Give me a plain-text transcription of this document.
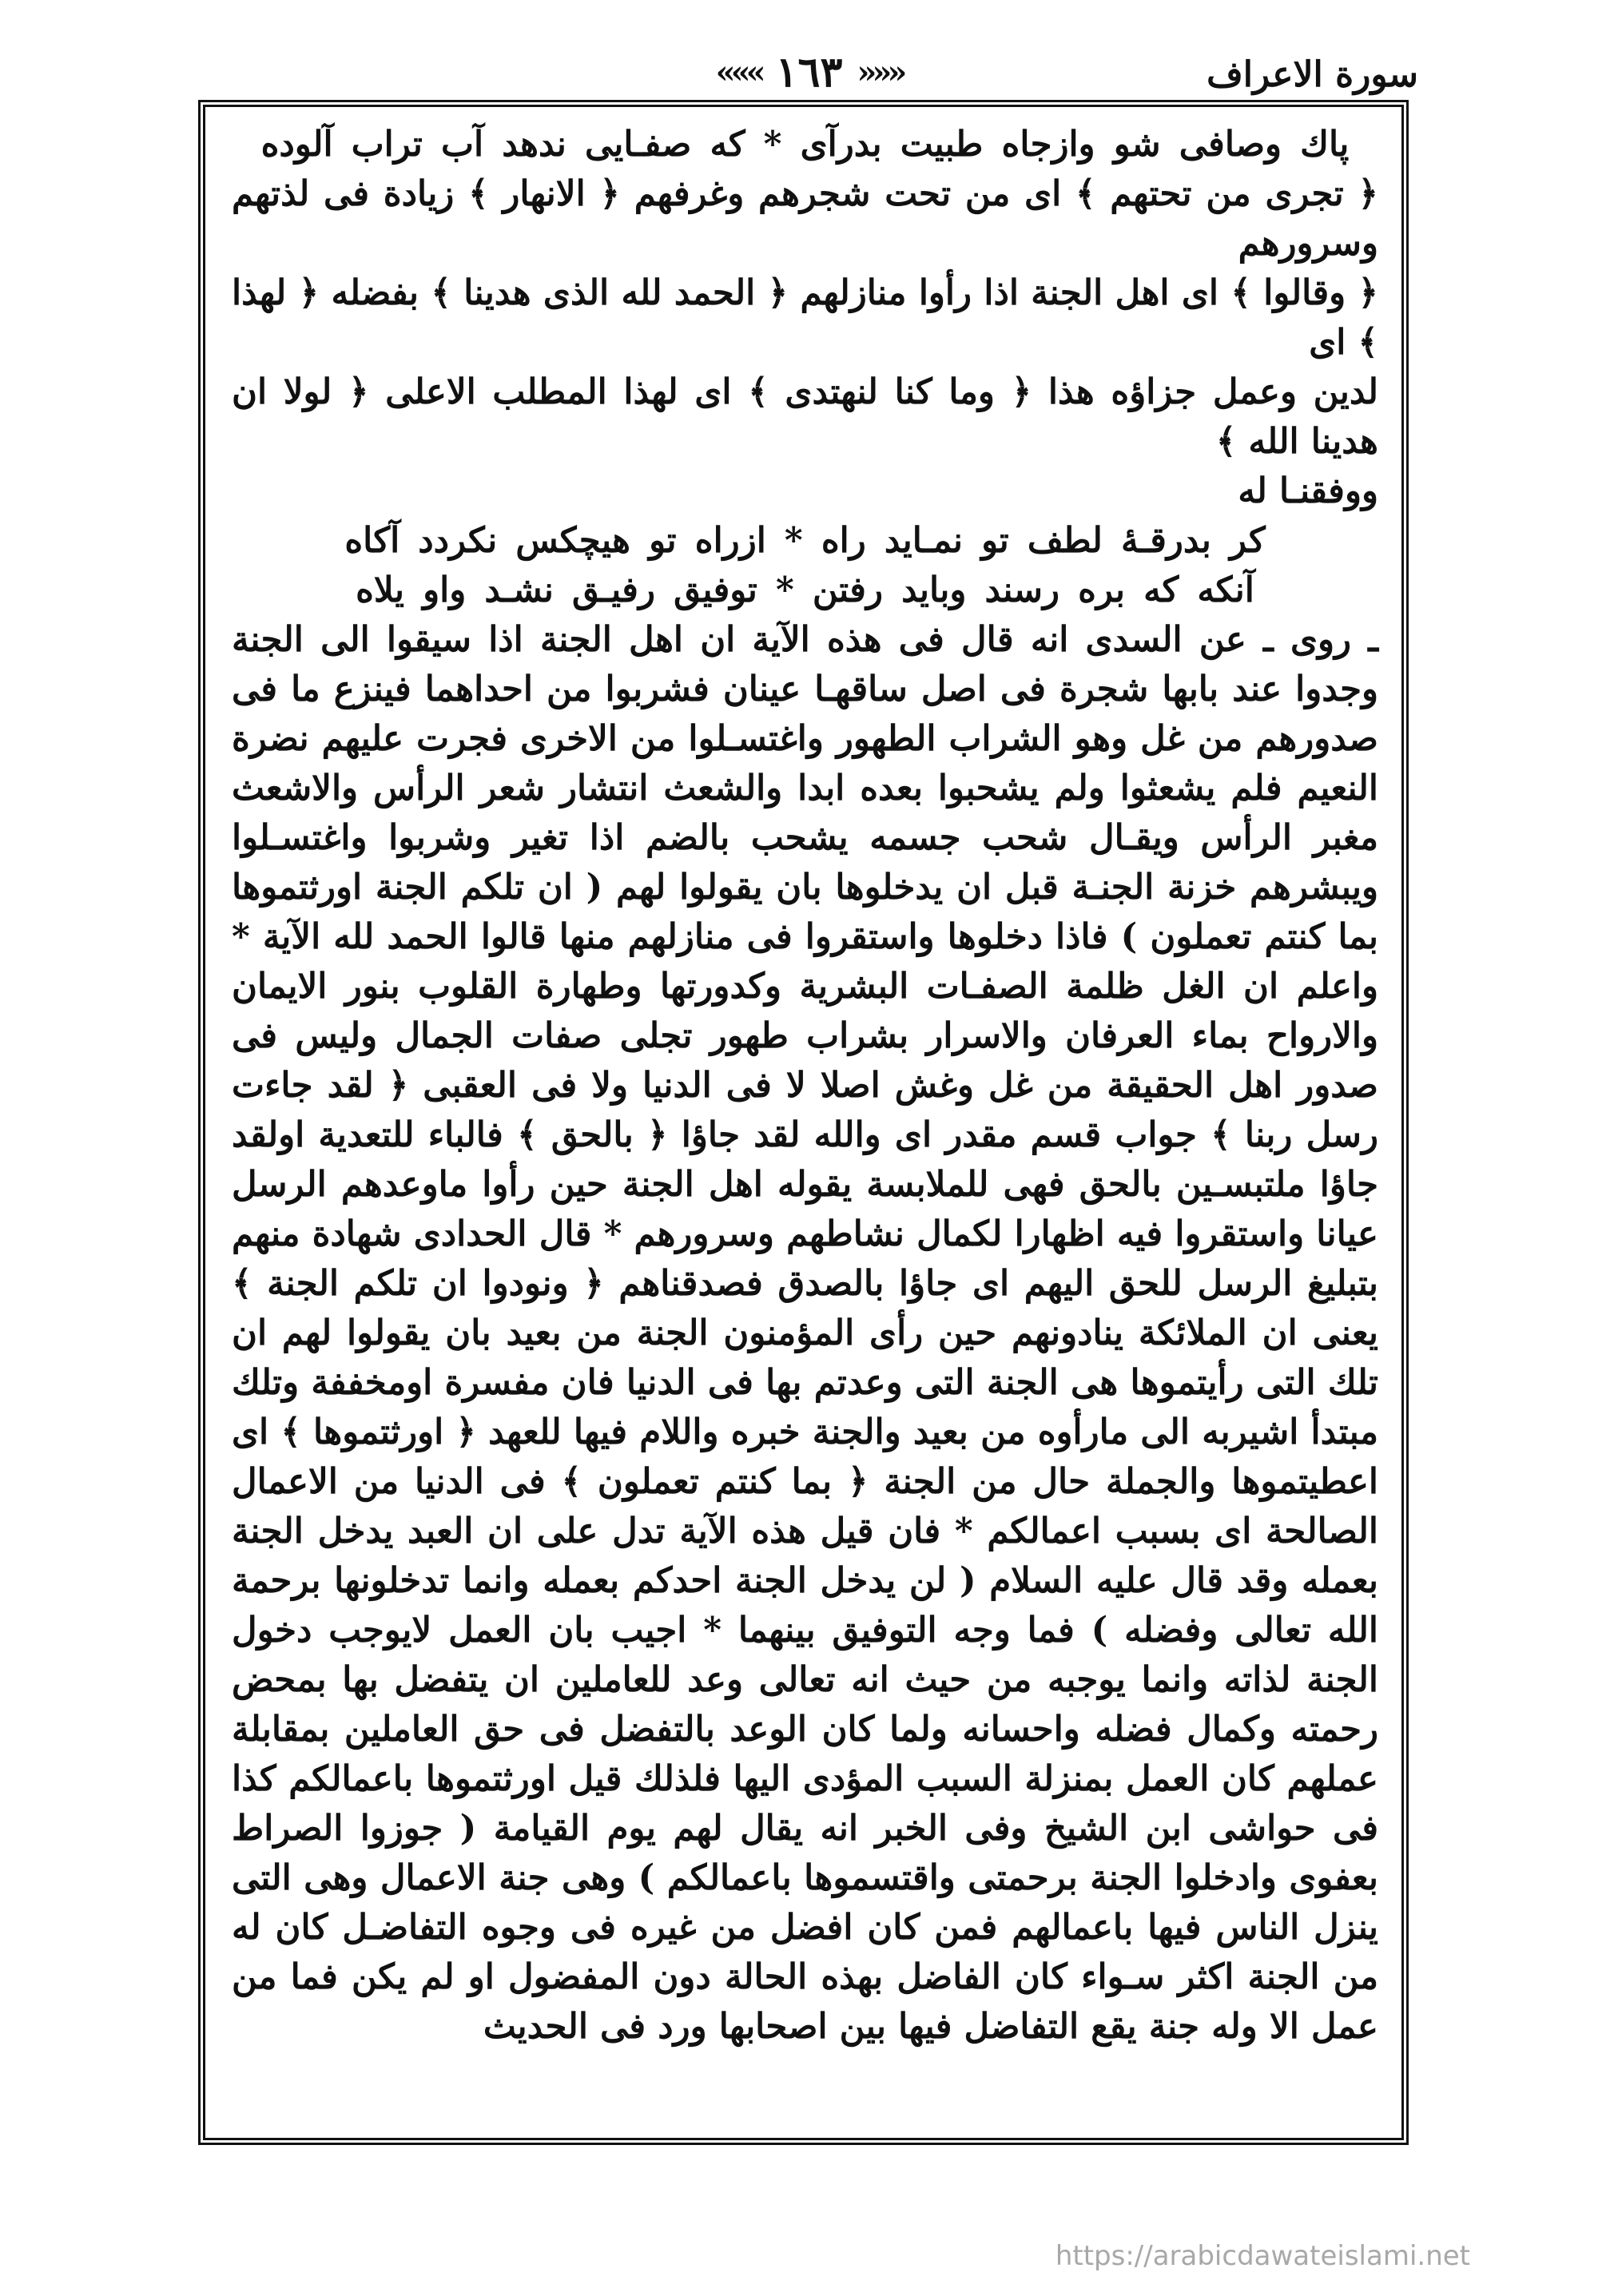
««« ١٦٣ »»»	سورة الاعراف

پاك وصافى شو وازجاه طبيت بدرآى * كه صفـايى ندهد آب تراب آلوده

﴿ تجرى من تحتهم ﴾ اى من تحت شجرهم وغرفهم ﴿ الانهار ﴾ زيادة فى لذتهم وسرورهم

﴿ وقالوا ﴾ اى اهل الجنة اذا رأوا منازلهم ﴿ الحمد لله الذى هدينا ﴾ بفضله ﴿ لهذا ﴾ اى

لدين وعمل جزاؤه هذا ﴿ وما كنا لنهتدى ﴾ اى لهذا المطلب الاعلى ﴿ لولا ان هدينا الله ﴾

ووفقنـا له

كر بدرقـهٔ لطف تو نمـايد راه * ازراه تو هيچكس نكردد آكاه

آنكه كه بره رسند وبايد رفتن * توفيق رفيـق نشـد واو يلاه

ـ روى ـ عن السدى انه قال فى هذه الآية ان اهل الجنة اذا سيقوا الى الجنة وجدوا عند بابها شجرة فى اصل ساقهـا عينان فشربوا من احداهما فينزع ما فى صدورهم من غل وهو الشراب الطهور واغتسـلوا من الاخرى فجرت عليهم نضرة النعيم فلم يشعثوا ولم يشحبوا بعده ابدا والشعث انتشار شعر الرأس والاشعث مغبر الرأس ويقـال شحب جسمه يشحب بالضم اذا تغير وشربوا واغتسـلوا ويبشرهم خزنة الجنـة قبل ان يدخلوها بان يقولوا لهم ( ان تلكم الجنة اورثتموها بما كنتم تعملون ) فاذا دخلوها واستقروا فى منازلهم منها قالوا الحمد لله الآية * واعلم ان الغل ظلمة الصفـات البشرية وكدورتها وطهارة القلوب بنور الايمان والارواح بماء العرفان والاسرار بشراب طهور تجلى صفات الجمال وليس فى صدور اهل الحقيقة من غل وغش اصلا لا فى الدنيا ولا فى العقبى ﴿ لقد جاءت رسل ربنا ﴾ جواب قسم مقدر اى والله لقد جاؤا ﴿ بالحق ﴾ فالباء للتعدية اولقد جاؤا ملتبسـين بالحق فهى للملابسة يقوله اهل الجنة حين رأوا ماوعدهم الرسل عيانا واستقروا فيه اظهارا لكمال نشاطهم وسرورهم * قال الحدادى شهادة منهم بتبليغ الرسل للحق اليهم اى جاؤا بالصدق فصدقناهم ﴿ ونودوا ان تلكم الجنة ﴾ يعنى ان الملائكة ينادونهم حين رأى المؤمنون الجنة من بعيد بان يقولوا لهم ان تلك التى رأيتموها هى الجنة التى وعدتم بها فى الدنيا فان مفسرة اومخففة وتلك مبتدأ اشيربه الى مارأوه من بعيد والجنة خبره واللام فيها للعهد ﴿ اورثتموها ﴾ اى اعطيتموها والجملة حال من الجنة ﴿ بما كنتم تعملون ﴾ فى الدنيا من الاعمال الصالحة اى بسبب اعمالكم * فان قيل هذه الآية تدل على ان العبد يدخل الجنة بعمله وقد قال عليه السلام ( لن يدخل الجنة احدكم بعمله وانما تدخلونها برحمة الله تعالى وفضله ) فما وجه التوفيق بينهما * اجيب بان العمل لايوجب دخول الجنة لذاته وانما يوجبه من حيث انه تعالى وعد للعاملين ان يتفضل بها بمحض رحمته وكمال فضله واحسانه ولما كان الوعد بالتفضل فى حق العاملين بمقابلة عملهم كان العمل بمنزلة السبب المؤدى اليها فلذلك قيل اورثتموها باعمالكم كذا فى حواشى ابن الشيخ وفى الخبر انه يقال لهم يوم القيامة ( جوزوا الصراط بعفوى وادخلوا الجنة برحمتى واقتسموها باعمالكم ) وهى جنة الاعمال وهى التى ينزل الناس فيها باعمالهم فمن كان افضل من غيره فى وجوه التفاضـل كان له من الجنة اكثر سـواء كان الفاضل بهذه الحالة دون المفضول او لم يكن فما من عمل الا وله جنة يقع التفاضل فيها بين اصحابها ورد فى الحديث

https://arabicdawateislami.net
